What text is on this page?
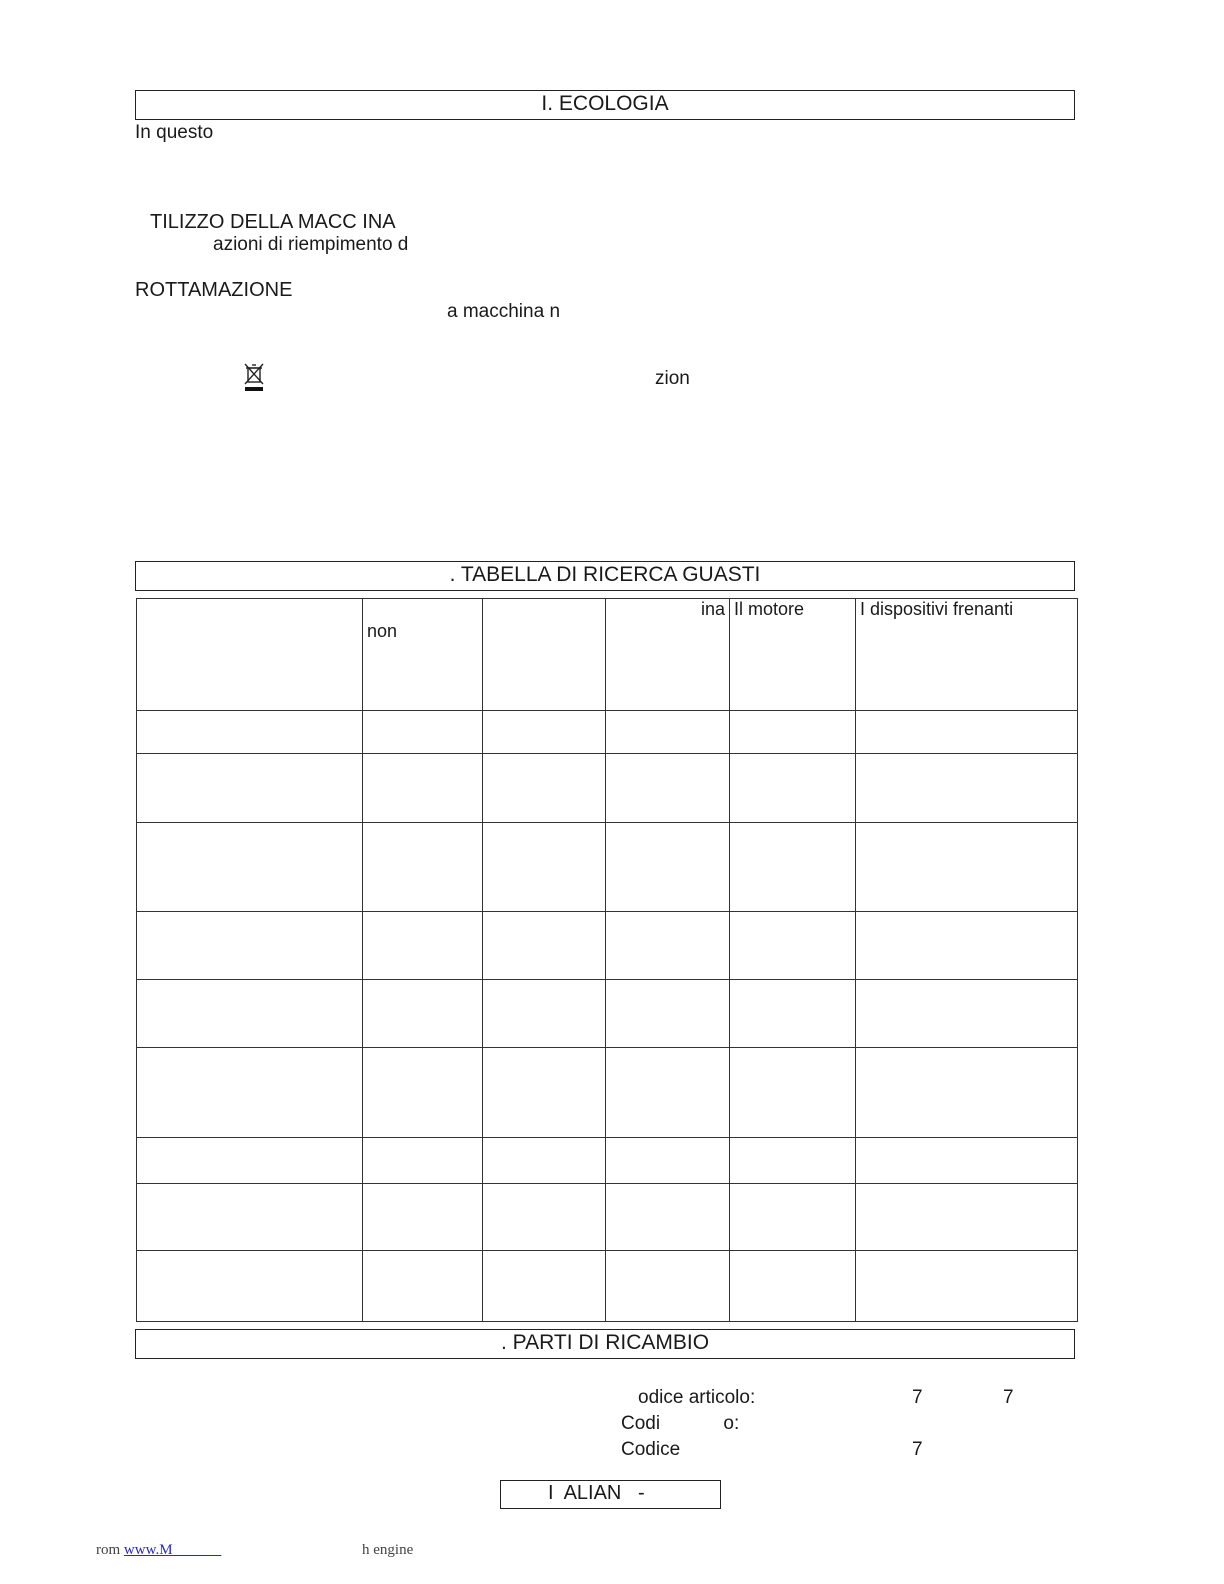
I. ECOLOGIA
In questo
TILIZZO DELLA MACC INA
azioni di riempimento d
ROTTAMAZIONE
a macchina n
zion
. TABELLA DI RICERCA GUASTI
	non		ina	Il motore	I dispositivi frenanti

. PARTI DI RICAMBIO
odice articolo:	7	7
Codi            o:
Codice	7
I  ALIAN   -
rom www.M	h engine
